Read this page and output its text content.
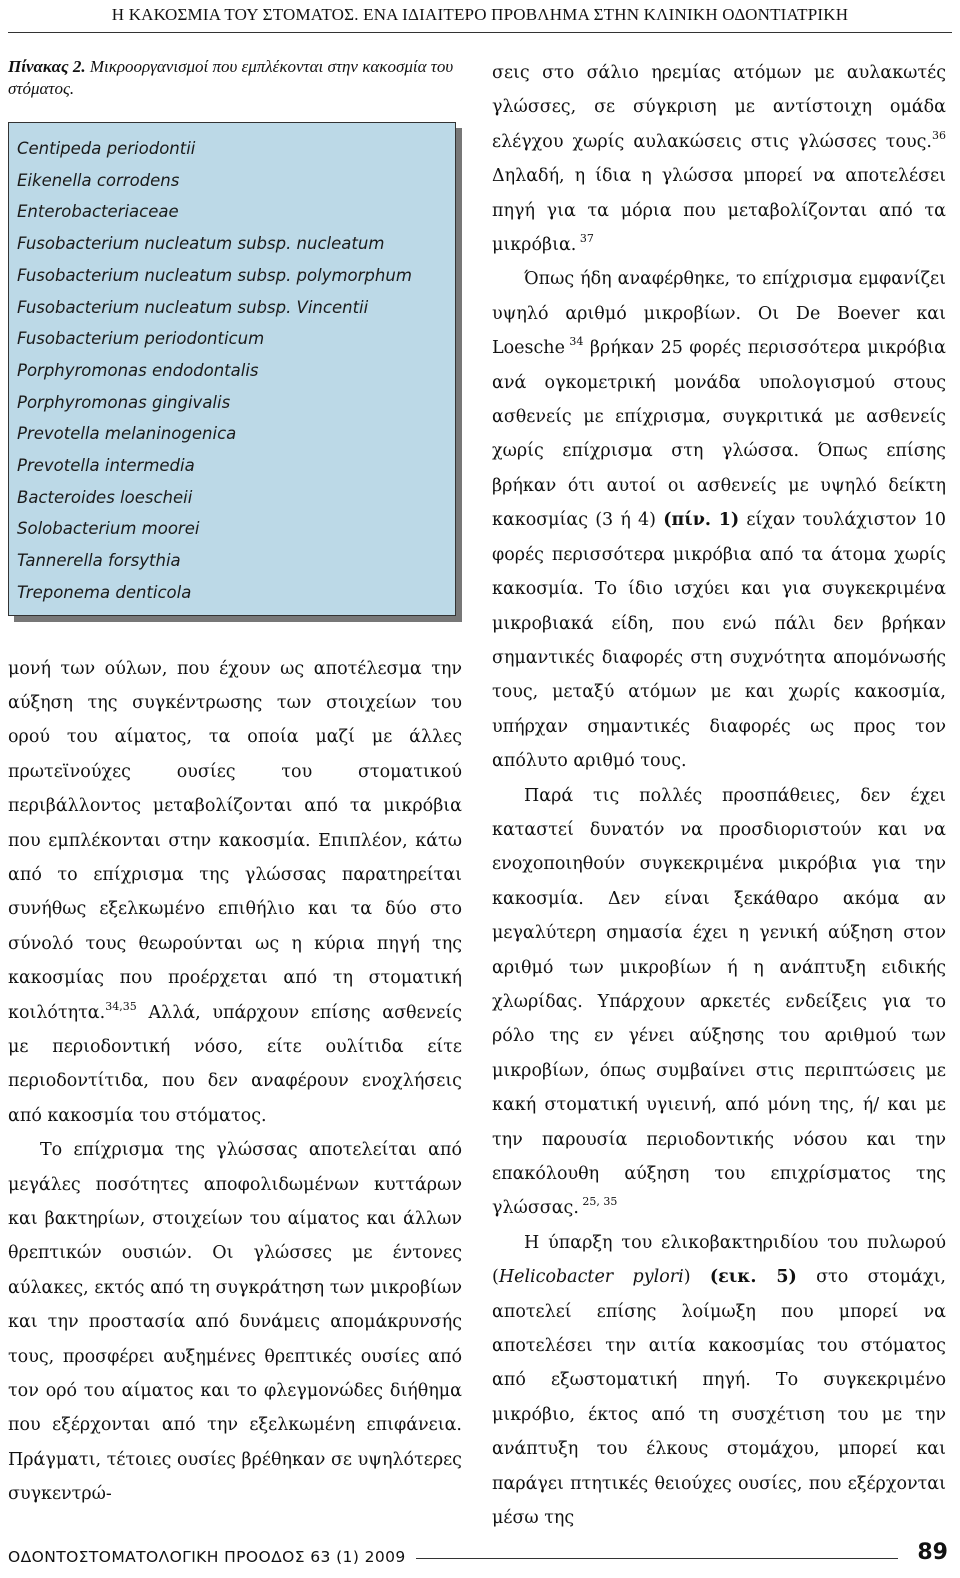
Η ΚΑΚΟΣΜΙΑ ΤΟΥ ΣΤΟΜΑΤΟΣ. ΕΝΑ ΙΔΙΑΙΤΕΡΟ ΠΡΟΒΛΗΜΑ ΣΤΗΝ ΚΛΙΝΙΚΗ ΟΔΟΝΤΙΑΤΡΙΚΗ
Πίνακας 2. Μικροοργανισμοί που εμπλέκονται στην κακοσμία του στόματος.
Centipeda periodontii
Eikenella corrodens
Enterobacteriaceae
Fusobacterium nucleatum subsp. nucleatum
Fusobacterium nucleatum subsp. polymorphum
Fusobacterium nucleatum subsp. Vincentii
Fusobacterium periodonticum
Porphyromonas endodontalis
Porphyromonas gingivalis
Prevotella melaninogenica
Prevotella intermedia
Bacteroides loescheii
Solobacterium moorei
Tannerella forsythia
Treponema denticola

μονή των ούλων, που έχουν ως αποτέλεσμα την αύξηση της συγκέντρωσης των στοιχείων του ορού του αίματος, τα οποία μαζί με άλλες πρωτεϊνούχες ουσίες του στοματικού περιβάλλοντος μεταβολίζονται από τα μικρόβια που εμπλέκονται στην κακοσμία. Επιπλέον, κάτω από το επίχρισμα της γλώσσας παρατηρείται συνήθως εξελκωμένο επιθήλιο και τα δύο στο σύνολό τους θεωρούνται ως η κύρια πηγή της κακοσμίας που προέρχεται από τη στοματική κοιλότητα.$^{34,35}$ Αλλά, υπάρχουν επίσης ασθενείς με περιοδοντική νόσο, είτε ουλίτιδα είτε περιοδοντίτιδα, που δεν αναφέρουν ενοχλήσεις από κακοσμία του στόματος.

Το επίχρισμα της γλώσσας αποτελείται από μεγάλες ποσότητες αποφολιδωμένων κυττάρων και βακτηρίων, στοιχείων του αίματος και άλλων θρεπτικών ουσιών. Οι γλώσσες με έντονες αύλακες, εκτός από τη συγκράτηση των μικροβίων και την προστασία από δυνάμεις απομάκρυνσής τους, προσφέρει αυξημένες θρεπτικές ουσίες από τον ορό του αίματος και το φλεγμονώδες διήθημα που εξέρχονται από την εξελκωμένη επιφάνεια. Πράγματι, τέτοιες ουσίες βρέθηκαν σε υψηλότερες συγκεντρώ-

σεις στο σάλιο ηρεμίας ατόμων με αυλακωτές γλώσσες, σε σύγκριση με αντίστοιχη ομάδα ελέγχου χωρίς αυλακώσεις στις γλώσσες τους.$^{36}$ Δηλαδή, η ίδια η γλώσσα μπορεί να αποτελέσει πηγή για τα μόρια που μεταβολίζονται από τα μικρόβια. $^{37}$

Όπως ήδη αναφέρθηκε, το επίχρισμα εμφανίζει υψηλό αριθμό μικροβίων. Οι De Boever και Loesche $^{34}$ βρήκαν 25 φορές περισσότερα μικρόβια ανά ογκομετρική μονάδα υπολογισμού στους ασθενείς με επίχρισμα, συγκριτικά με ασθενείς χωρίς επίχρισμα στη γλώσσα. Όπως επίσης βρήκαν ότι αυτοί οι ασθενείς με υψηλό δείκτη κακοσμίας (3 ή 4) (πίν. 1) είχαν τουλάχιστον 10 φορές περισσότερα μικρόβια από τα άτομα χωρίς κακοσμία. Το ίδιο ισχύει και για συγκεκριμένα μικροβιακά είδη, που ενώ πάλι δεν βρήκαν σημαντικές διαφορές στη συχνότητα απομόνωσής τους, μεταξύ ατόμων με και χωρίς κακοσμία, υπήρχαν σημαντικές διαφορές ως προς τον απόλυτο αριθμό τους.

Παρά τις πολλές προσπάθειες, δεν έχει καταστεί δυνατόν να προσδιοριστούν και να ενοχοποιηθούν συγκεκριμένα μικρόβια για την κακοσμία. Δεν είναι ξεκάθαρο ακόμα αν μεγαλύτερη σημασία έχει η γενική αύξηση στον αριθμό των μικροβίων ή η ανάπτυξη ειδικής χλωρίδας. Υπάρχουν αρκετές ενδείξεις για το ρόλο της εν γένει αύξησης του αριθμού των μικροβίων, όπως συμβαίνει στις περιπτώσεις με κακή στοματική υγιεινή, από μόνη της, ή/ και με την παρουσία περιοδοντικής νόσου και την επακόλουθη αύξηση του επιχρίσματος της γλώσσας. $^{25, 35}$

Η ύπαρξη του ελικοβακτηριδίου του πυλωρού (Helicobacter pylori) (εικ. 5) στο στομάχι, αποτελεί επίσης λοίμωξη που μπορεί να αποτελέσει την αιτία κακοσμίας του στόματος από εξωστοματική πηγή. Το συγκεκριμένο μικρόβιο, έκτος από τη συσχέτιση του με την ανάπτυξη του έλκους στομάχου, μπορεί και παράγει πτητικές θειούχες ουσίες, που εξέρχονται μέσω της

ΟΔΟΝΤΟΣΤΟΜΑΤΟΛΟΓΙΚΗ ΠΡΟΟΔΟΣ 63 (1) 2009	89
